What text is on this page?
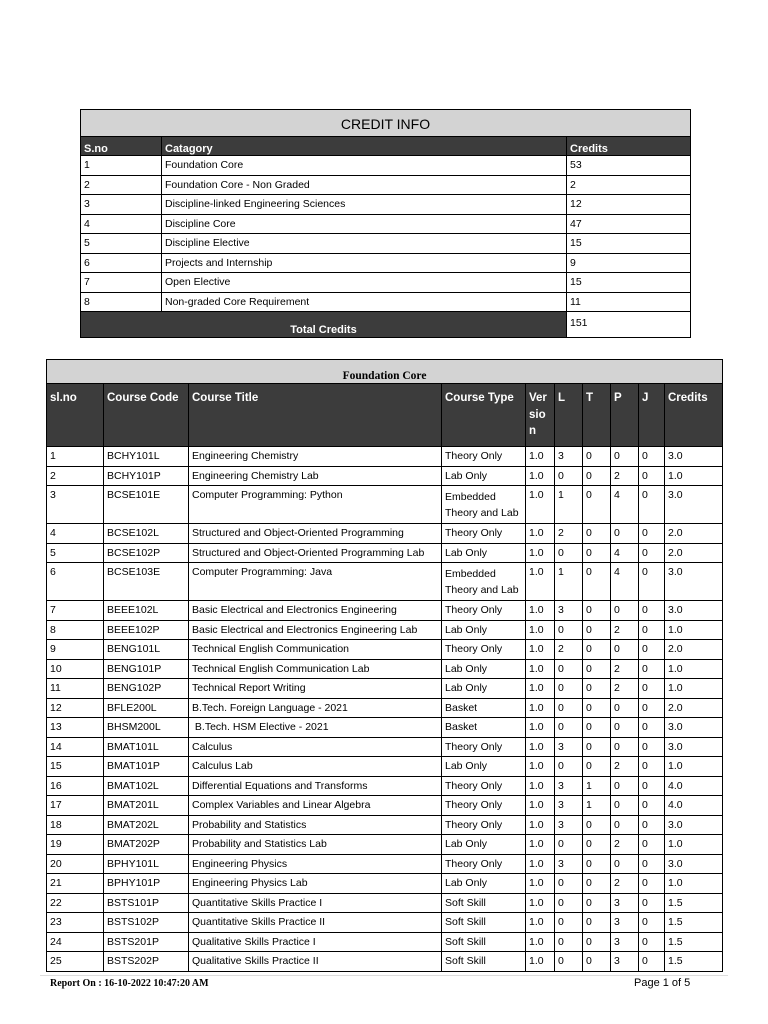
CREDIT INFO		
S.no	Catagory	Credits
1	Foundation Core	53
2	Foundation Core - Non Graded	2
3	Discipline-linked Engineering Sciences	12
4	Discipline Core	47
5	Discipline Elective	15
6	Projects and Internship	9
7	Open Elective	15
8	Non-graded Core Requirement	11
Total Credits		151
Foundation Core									
sl.no	Course Code	Course Title	Course Type	Ver sio n	L	T	P	J	Credits
1	BCHY101L	Engineering Chemistry	Theory Only	1.0	3	0	0	0	3.0
2	BCHY101P	Engineering Chemistry Lab	Lab Only	1.0	0	0	2	0	1.0
3	BCSE101E	Computer Programming: Python	Embedded Theory and Lab	1.0	1	0	4	0	3.0
4	BCSE102L	Structured and Object-Oriented Programming	Theory Only	1.0	2	0	0	0	2.0
5	BCSE102P	Structured and Object-Oriented Programming Lab	Lab Only	1.0	0	0	4	0	2.0
6	BCSE103E	Computer Programming: Java	Embedded Theory and Lab	1.0	1	0	4	0	3.0
7	BEEE102L	Basic Electrical and Electronics Engineering	Theory Only	1.0	3	0	0	0	3.0
8	BEEE102P	Basic Electrical and Electronics Engineering Lab	Lab Only	1.0	0	0	2	0	1.0
9	BENG101L	Technical English Communication	Theory Only	1.0	2	0	0	0	2.0
10	BENG101P	Technical English Communication Lab	Lab Only	1.0	0	0	2	0	1.0
11	BENG102P	Technical Report Writing	Lab Only	1.0	0	0	2	0	1.0
12	BFLE200L	B.Tech. Foreign Language - 2021	Basket	1.0	0	0	0	0	2.0
13	BHSM200L	B.Tech. HSM Elective - 2021	Basket	1.0	0	0	0	0	3.0
14	BMAT101L	Calculus	Theory Only	1.0	3	0	0	0	3.0
15	BMAT101P	Calculus Lab	Lab Only	1.0	0	0	2	0	1.0
16	BMAT102L	Differential Equations and Transforms	Theory Only	1.0	3	1	0	0	4.0
17	BMAT201L	Complex Variables and Linear Algebra	Theory Only	1.0	3	1	0	0	4.0
18	BMAT202L	Probability and Statistics	Theory Only	1.0	3	0	0	0	3.0
19	BMAT202P	Probability and Statistics Lab	Lab Only	1.0	0	0	2	0	1.0
20	BPHY101L	Engineering Physics	Theory Only	1.0	3	0	0	0	3.0
21	BPHY101P	Engineering Physics Lab	Lab Only	1.0	0	0	2	0	1.0
22	BSTS101P	Quantitative Skills Practice I	Soft Skill	1.0	0	0	3	0	1.5
23	BSTS102P	Quantitative Skills Practice II	Soft Skill	1.0	0	0	3	0	1.5
24	BSTS201P	Qualitative Skills Practice I	Soft Skill	1.0	0	0	3	0	1.5
25	BSTS202P	Qualitative Skills Practice II	Soft Skill	1.0	0	0	3	0	1.5
Report On : 16-10-2022 10:47:20 AM	Page 1 of 5
